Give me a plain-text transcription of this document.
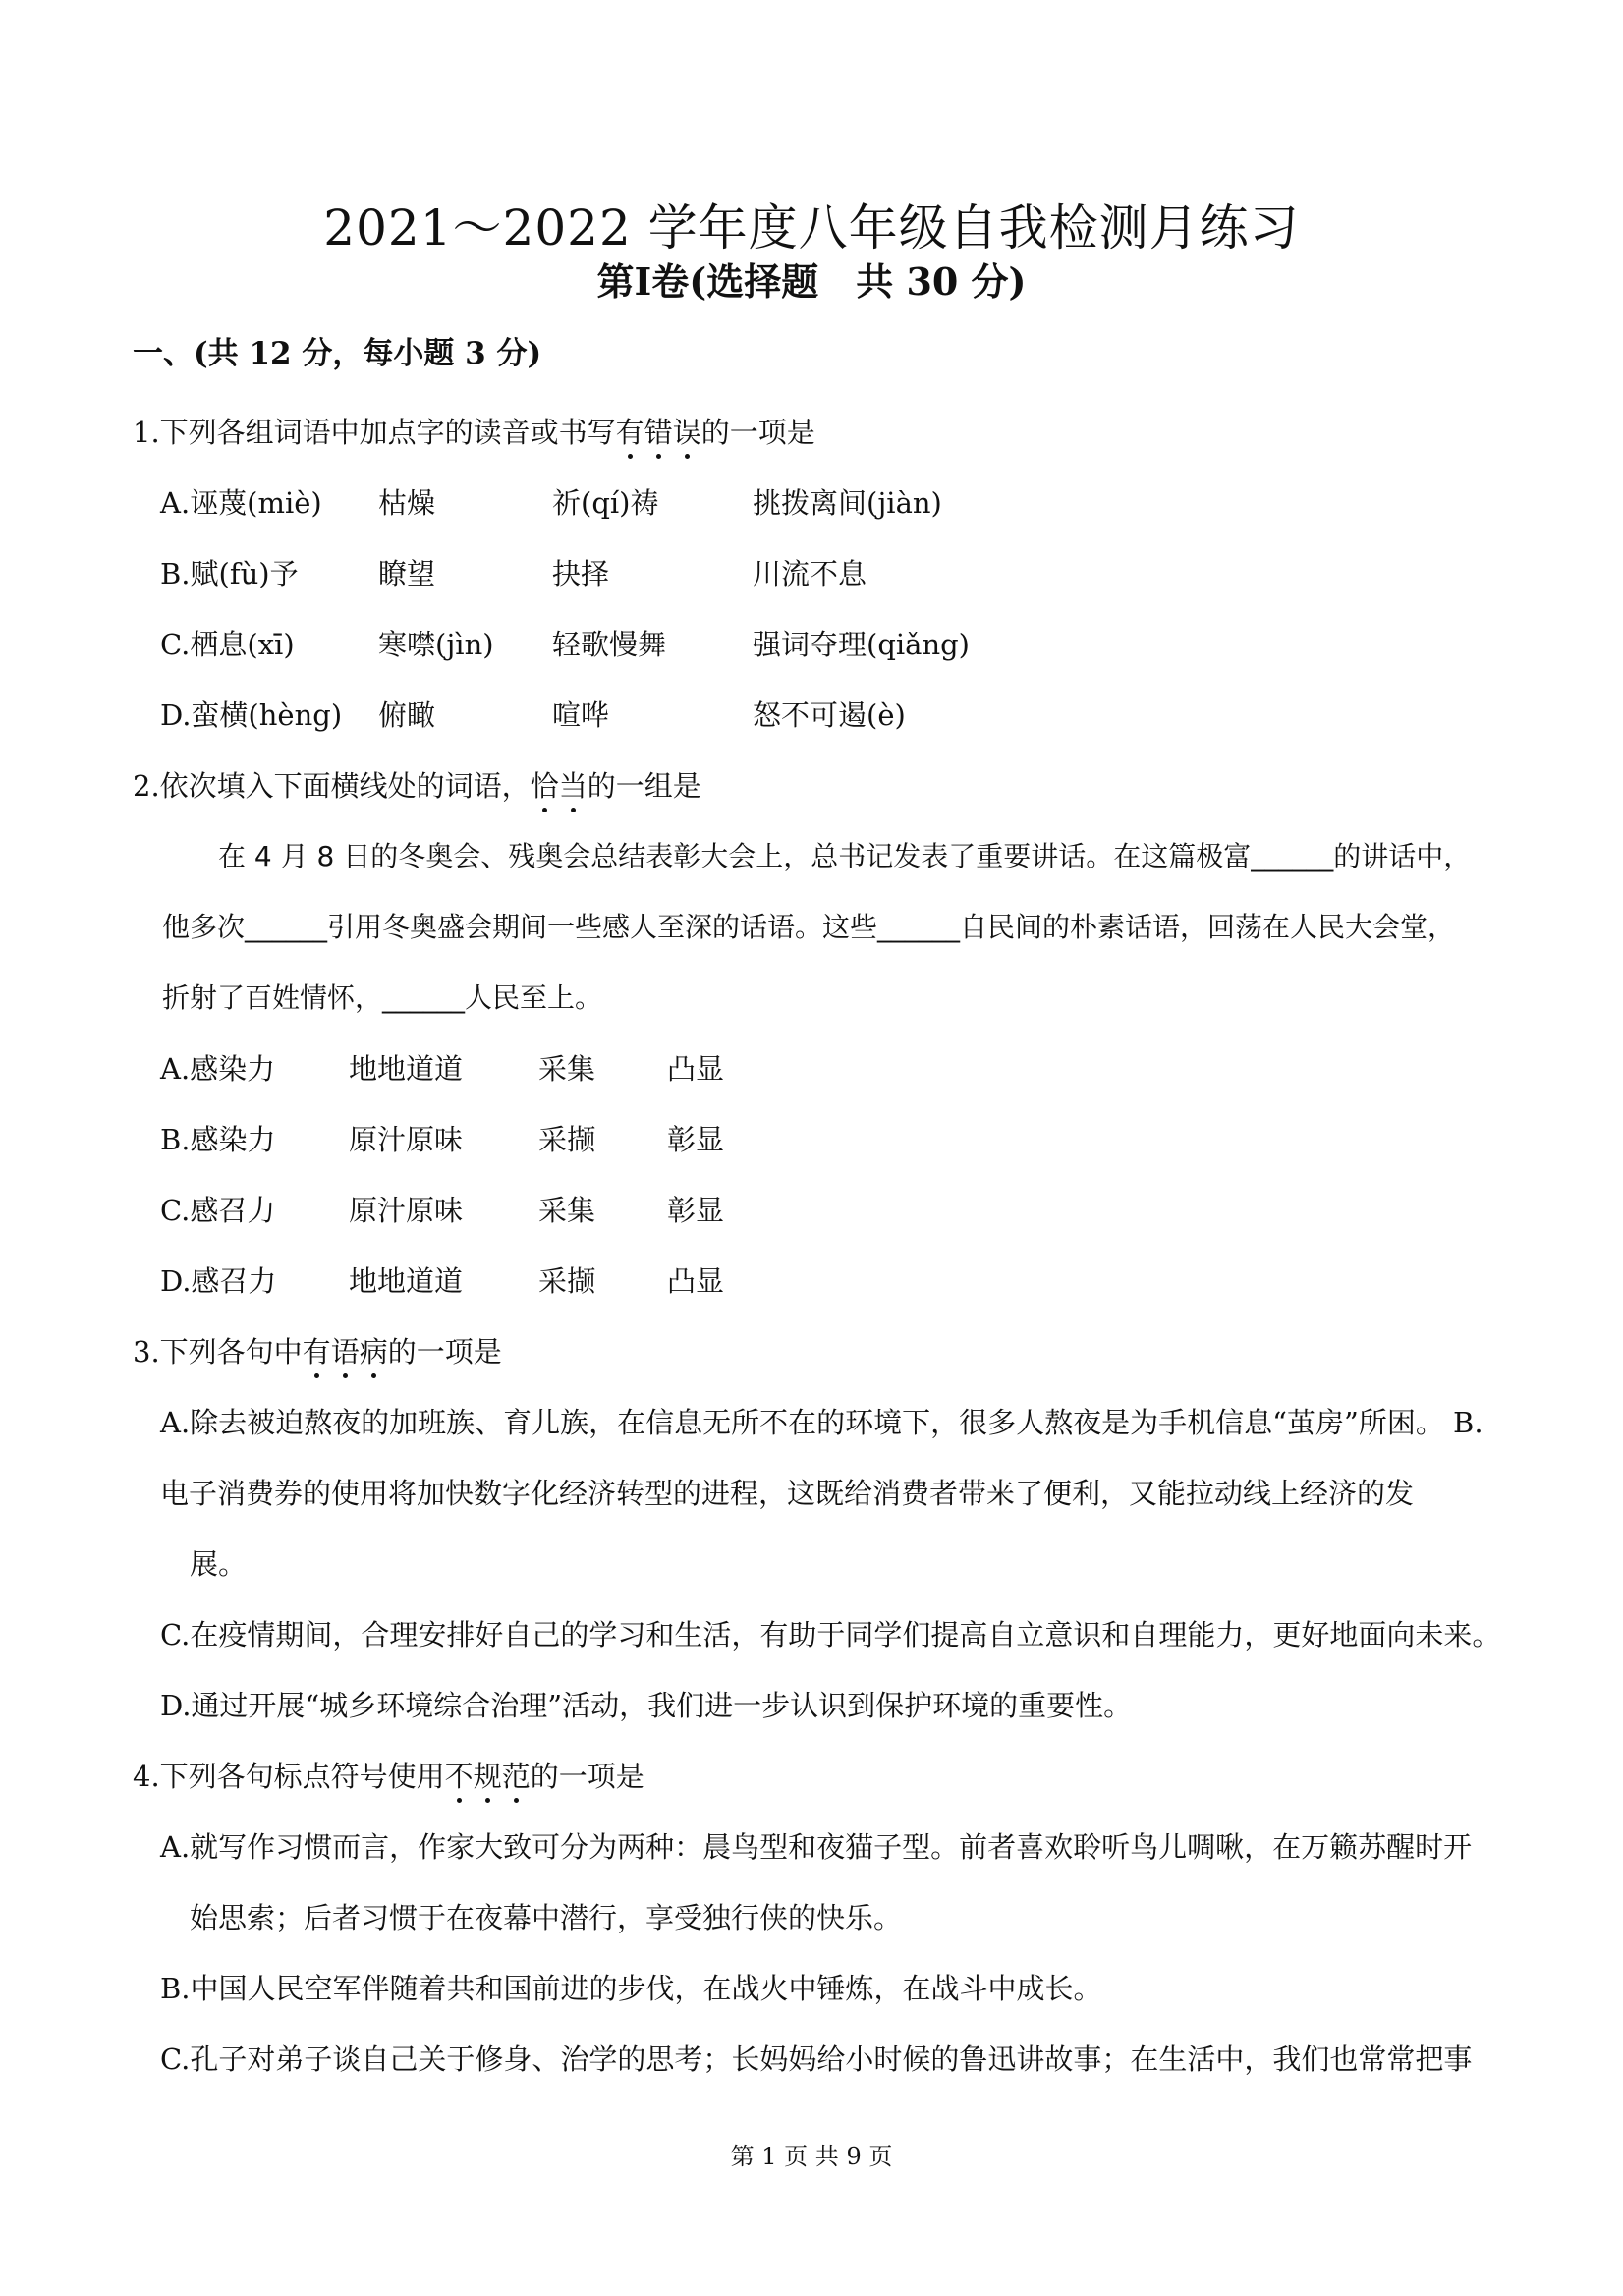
2021～2022 学年度八年级自我检测月练习
第Ⅰ卷(选择题　共 30 分)
一、(共 12 分，每小题 3 分)
1.下列各组词语中加点字的读音或书写有错误的一项是
A.诬蔑(miè) 枯燥	祈(qí)祷	挑拨离间(jiàn)
B.赋(fù)予	瞭望	抉择	川流不息
C.栖息(xī)	寒噤(jìn) 轻歌慢舞	强词夺理(qiǎng)
D.蛮横(hèng) 俯瞰	喧哗	怒不可遏(è)
2.依次填入下面横线处的词语，恰当的一组是
在 4 月 8 日的冬奥会、残奥会总结表彰大会上，总书记发表了重要讲话。在这篇极富______的讲话中，
他多次______引用冬奥盛会期间一些感人至深的话语。这些______自民间的朴素话语，回荡在人民大会堂，
折射了百姓情怀，______人民至上。
A.感染力	地地道道	采集	凸显
B.感染力	原汁原味	采撷	彰显
C.感召力	原汁原味	采集	彰显
D.感召力	地地道道	采撷	凸显
3.下列各句中有语病的一项是
A.除去被迫熬夜的加班族、育儿族，在信息无所不在的环境下，很多人熬夜是为手机信息“茧房”所困。 B.
电子消费券的使用将加快数字化经济转型的进程，这既给消费者带来了便利，又能拉动线上经济的发
展。
C.在疫情期间，合理安排好自己的学习和生活，有助于同学们提高自立意识和自理能力，更好地面向未来。
D.通过开展“城乡环境综合治理”活动，我们进一步认识到保护环境的重要性。
4.下列各句标点符号使用不规范的一项是
A.就写作习惯而言，作家大致可分为两种：晨鸟型和夜猫子型。前者喜欢聆听鸟儿啁啾，在万籁苏醒时开
始思索；后者习惯于在夜幕中潜行，享受独行侠的快乐。
B.中国人民空军伴随着共和国前进的步伐，在战火中锤炼，在战斗中成长。
C.孔子对弟子谈自己关于修身、治学的思考；长妈妈给小时候的鲁迅讲故事；在生活中，我们也常常把事
第 1 页 共 9 页
